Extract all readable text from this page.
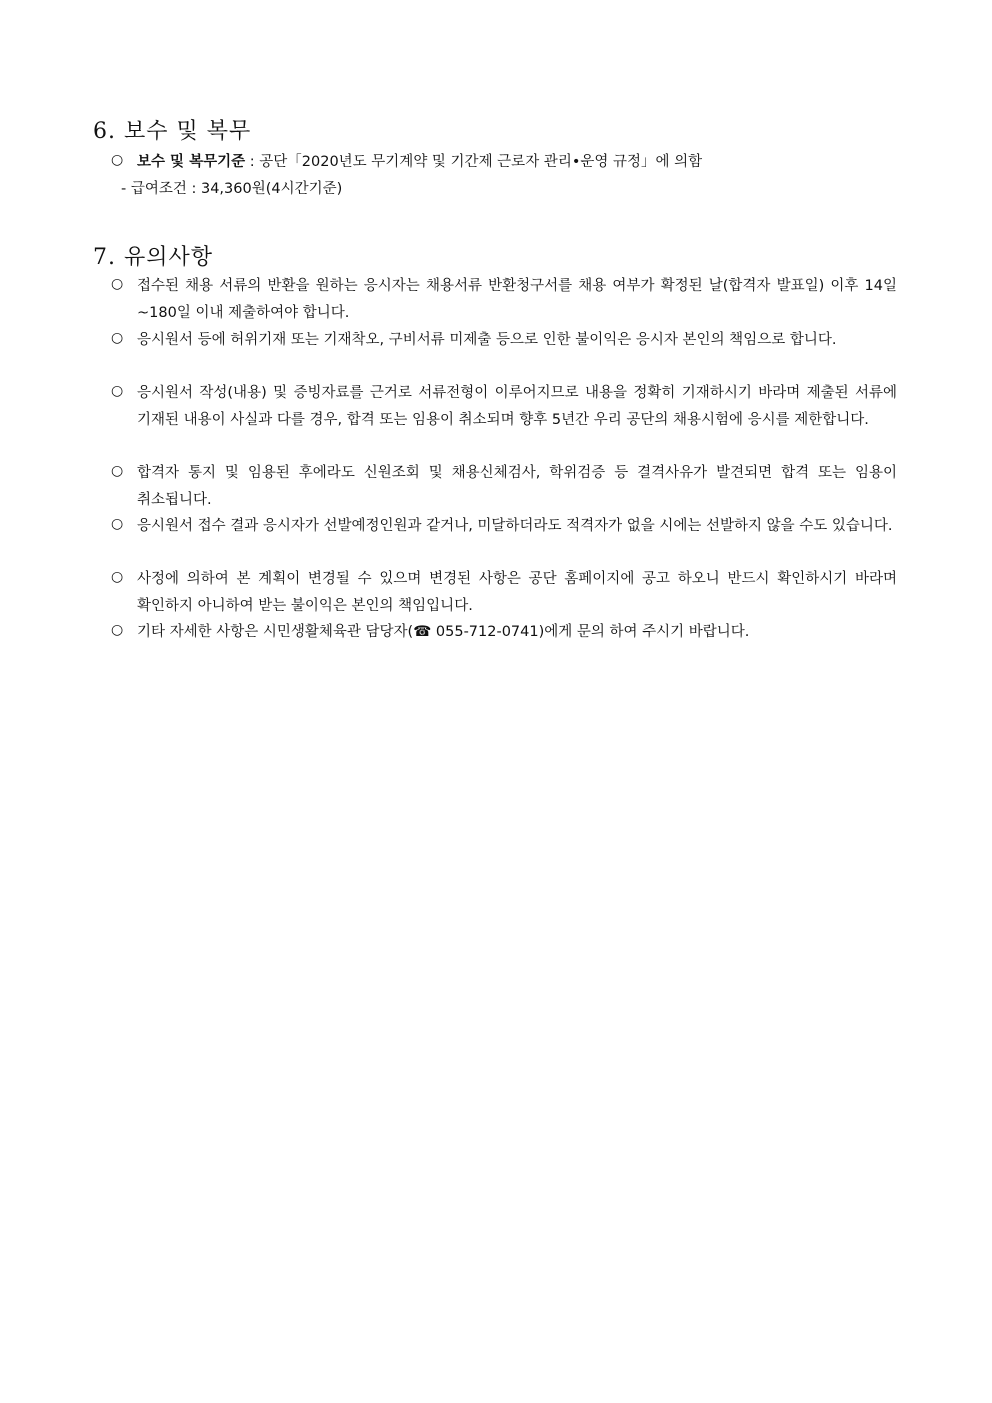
6. 보수 및 복무
○ 보수 및 복무기준 : 공단「2020년도 무기계약 및 기간제 근로자 관리•운영 규정」에 의함
- 급여조건 : 34,360원(4시간기준)
7. 유의사항
○ 접수된 채용 서류의 반환을 원하는 응시자는 채용서류 반환청구서를 채용 여부가 확정된 날(합격자 발표일) 이후 14일~180일 이내 제출하여야 합니다.
○ 응시원서 등에 허위기재 또는 기재착오, 구비서류 미제출 등으로 인한 불이익은 응시자 본인의 책임으로 합니다.
○ 응시원서 작성(내용) 및 증빙자료를 근거로 서류전형이 이루어지므로 내용을 정확히 기재하시기 바라며 제출된 서류에 기재된 내용이 사실과 다를 경우, 합격 또는 임용이 취소되며 향후 5년간 우리 공단의 채용시험에 응시를 제한합니다.
○ 합격자 통지 및 임용된 후에라도 신원조회 및 채용신체검사, 학위검증 등 결격사유가 발견되면 합격 또는 임용이 취소됩니다.
○ 응시원서 접수 결과 응시자가 선발예정인원과 같거나, 미달하더라도 적격자가 없을 시에는 선발하지 않을 수도 있습니다.
○ 사정에 의하여 본 계획이 변경될 수 있으며 변경된 사항은 공단 홈페이지에 공고 하오니 반드시 확인하시기 바라며 확인하지 아니하여 받는 불이익은 본인의 책임입니다.
○ 기타 자세한 사항은 시민생활체육관 담당자(☎ 055-712-0741)에게 문의 하여 주시기 바랍니다.
